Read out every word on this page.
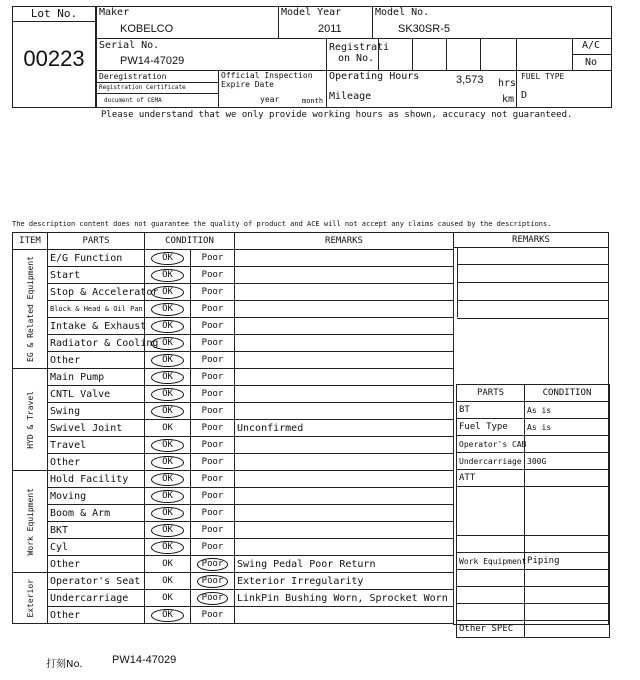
Lot No.
00223
Maker
KOBELCO
Model Year
2011
Model No.
SK30SR-5
Serial No.
PW14-47029
Registrati
on No.
A/C
No
Deregistration
Registration Certificate
document of CEMA
Official Inspection
Expire Date
year	month
Operating Hours	3,573 hrs
Mileage	km
FUEL TYPE
D
Please understand that we only provide working hours as shown, accuracy not guaranteed.
The description content does not guarantee the quality of product and ACE will not accept any claims caused by the descriptions.
ITEM	PARTS	CONDITION		REMARKS

EG & Related Equipment	E/G Function	OK	Poor	
	Start	OK	Poor	
	Stop & Accelerator	OK	Poor	
	Block & Head & Oil Pan	OK	Poor	
	Intake & Exhaust	OK	Poor	
	Radiator & Cooling	OK	Poor	
	Other	OK	Poor	

HYD & Travel	Main Pump	OK	Poor	
	CNTL Valve	OK	Poor	
	Swing	OK	Poor	
	Swivel Joint	OK	Poor	Unconfirmed
	Travel	OK	Poor	
	Other	OK	Poor	

Work Equipment	Hold Facility	OK	Poor	
	Moving	OK	Poor	
	Boom & Arm	OK	Poor	
	BKT	OK	Poor	
	Cyl	OK	Poor	
	Other	OK	Poor	Swing Pedal Poor Return

Exterior	Operator's Seat	OK	Poor	Exterior Irregularity
	Undercarriage	OK	Poor	LinkPin Bushing Worn, Sprocket Worn
	Other	OK	Poor	
REMARKS
PARTS	CONDITION
BT	As is
Fuel Type	As is
Operator's CAB	
Undercarriage	300G
ATT	

Work Equipment	Piping

Other SPEC	
打刻No.	PW14-47029
